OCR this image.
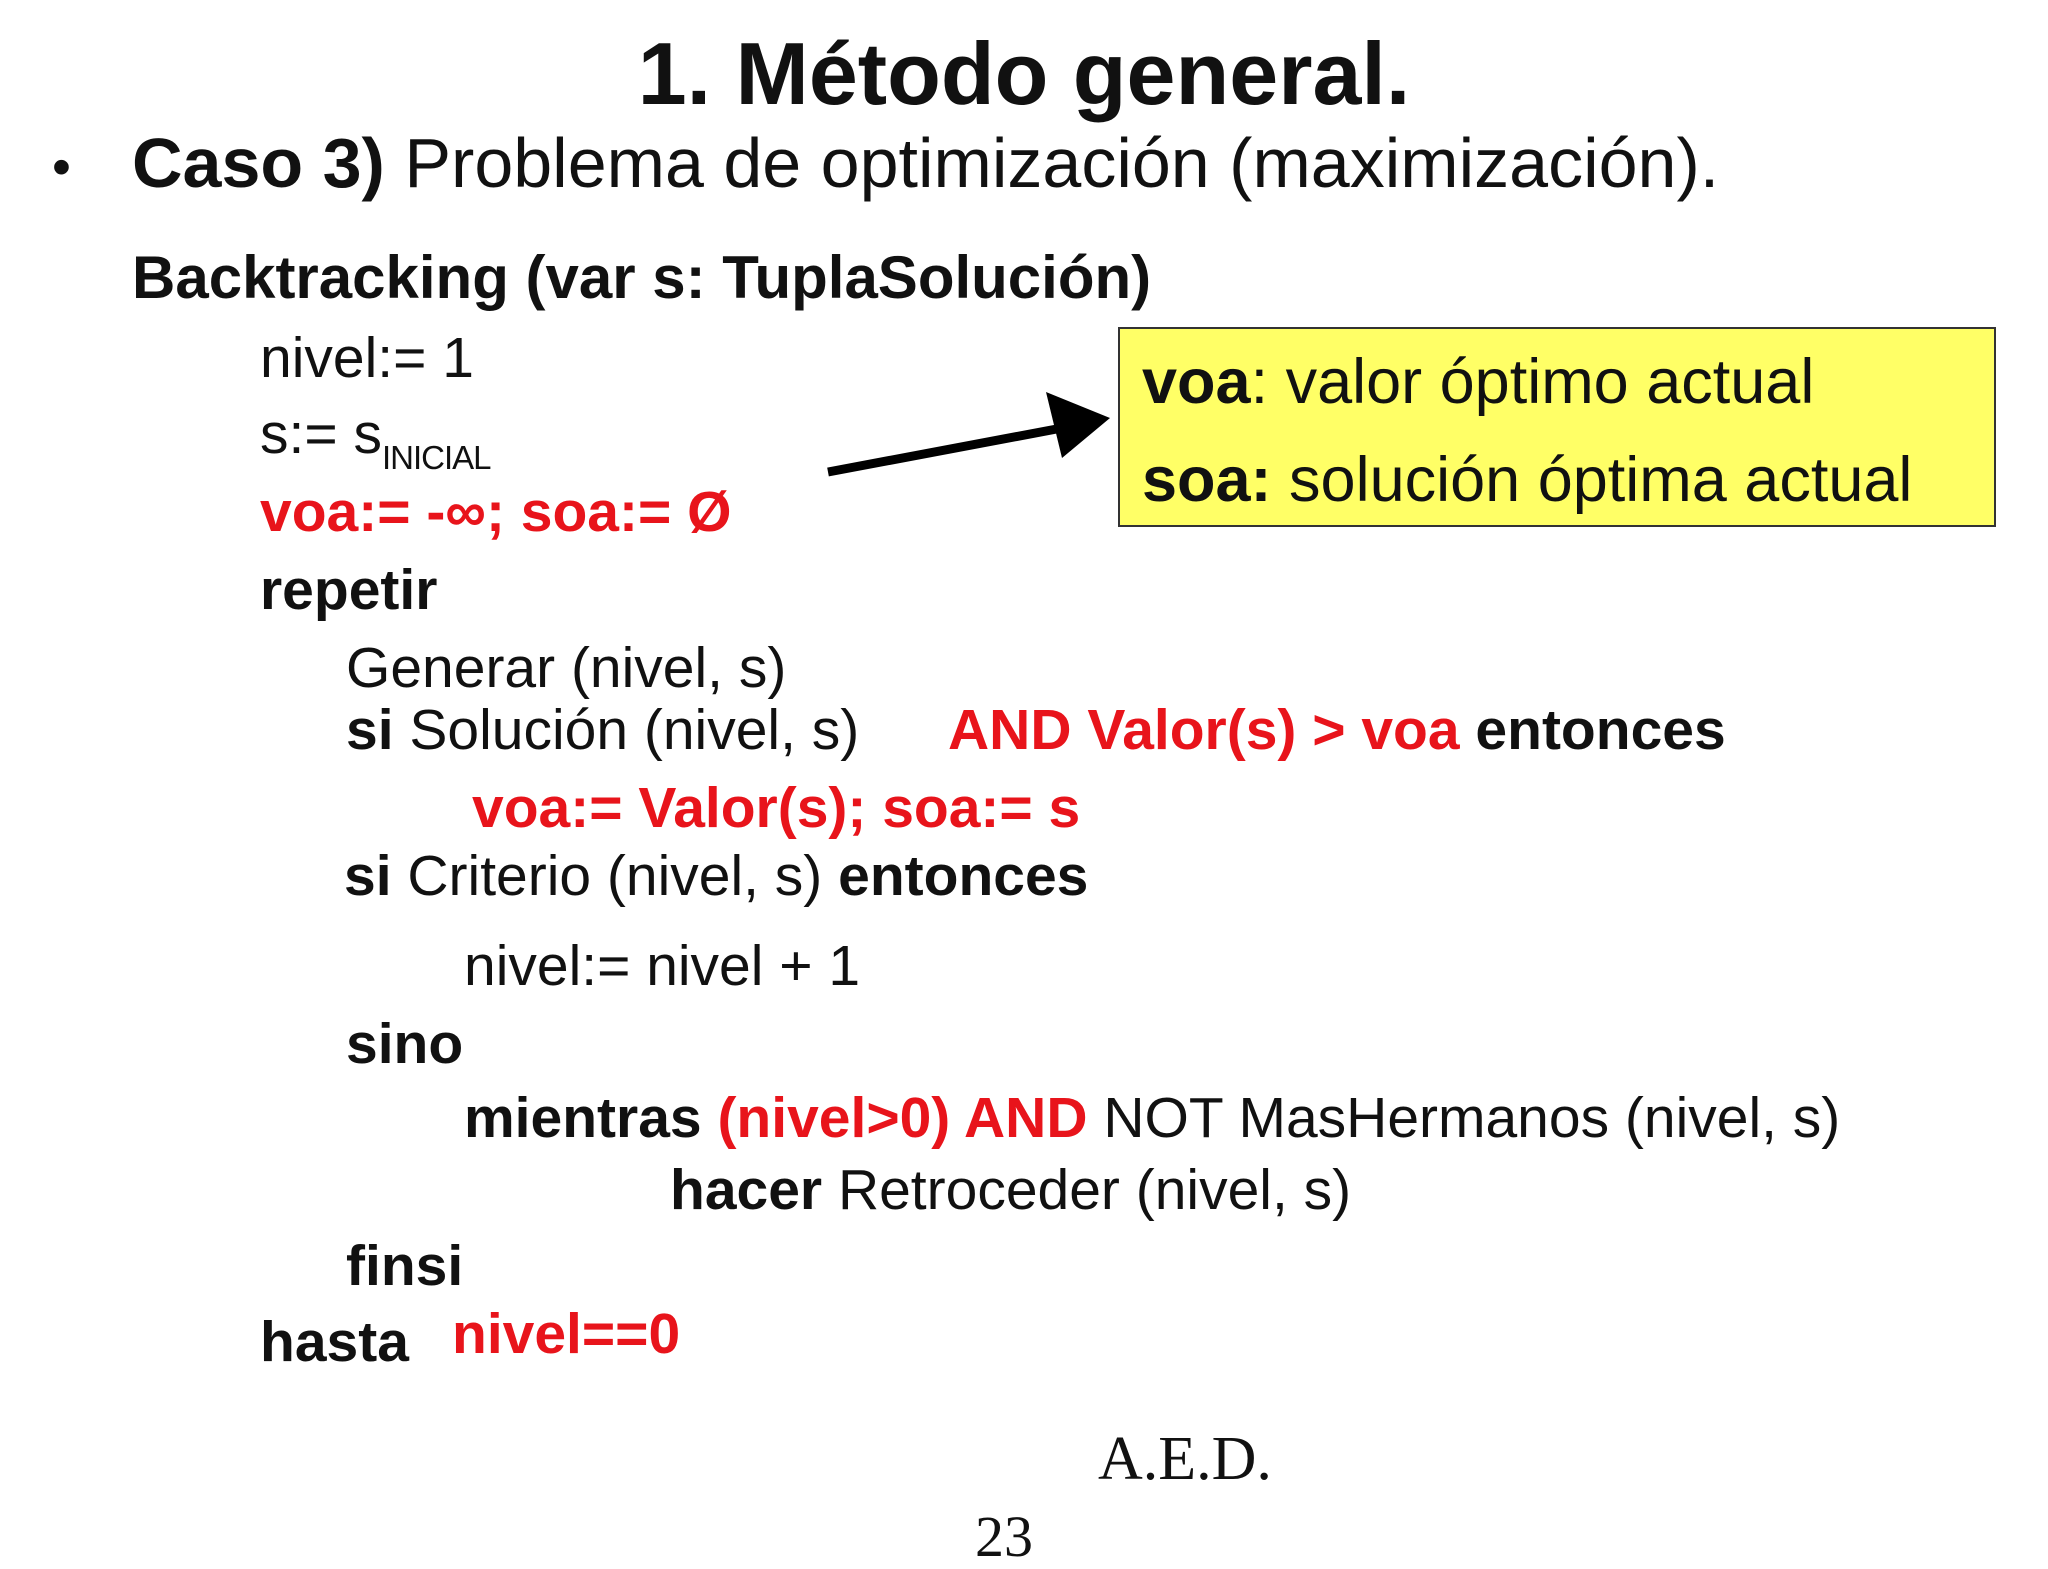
1. Método general.
• Caso 3) Problema de optimización (maximización).
Backtracking (var s: TuplaSolución)
nivel:= 1
s:= $s_{INICIAL}$
voa:= -∞; soa:= Ø
repetir
Generar (nivel, s)
si Solución (nivel, s) AND Valor(s) > voa entonces
voa:= Valor(s); soa:= s
si Criterio (nivel, s) entonces
nivel:= nivel + 1
sino
mientras (nivel>0) AND NOT MasHermanos (nivel, s)
hacer Retroceder (nivel, s)
finsi
hasta nivel==0
voa: valor óptimo actual
soa: solución óptima actual
A.E.D.
23
